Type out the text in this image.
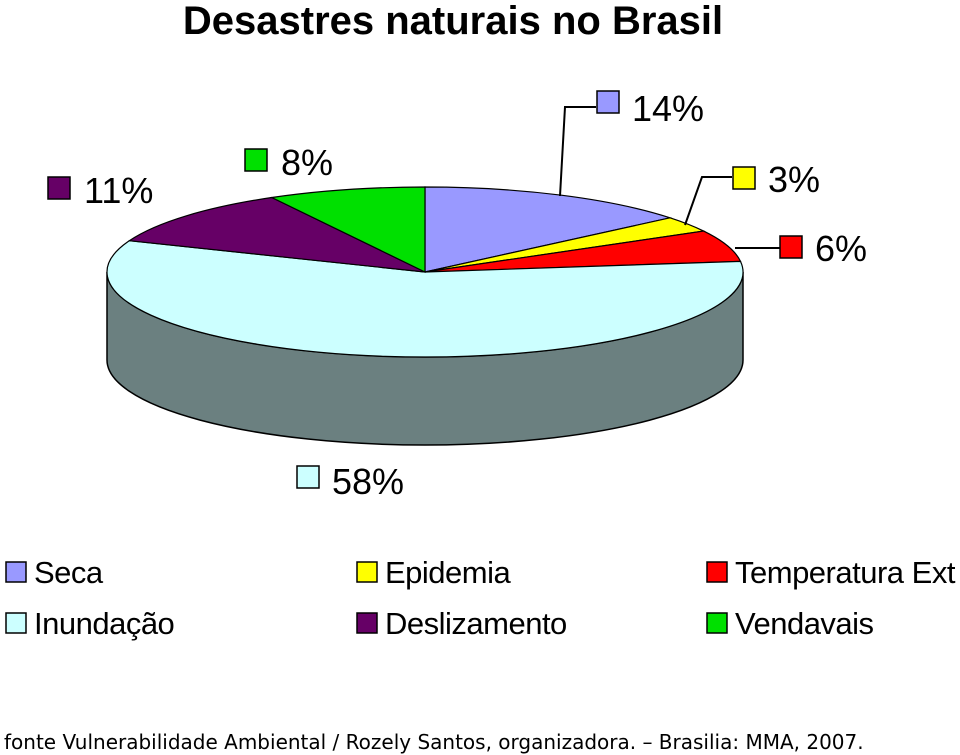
Desastres naturais no Brasil
14%
3%
6%
58%
11%
8%
Seca	Epidemia	Temperatura Ext
Inundação	Deslizamento	Vendavais
fonte Vulnerabilidade Ambiental / Rozely Santos, organizadora. – Brasilia: MMA, 2007.
